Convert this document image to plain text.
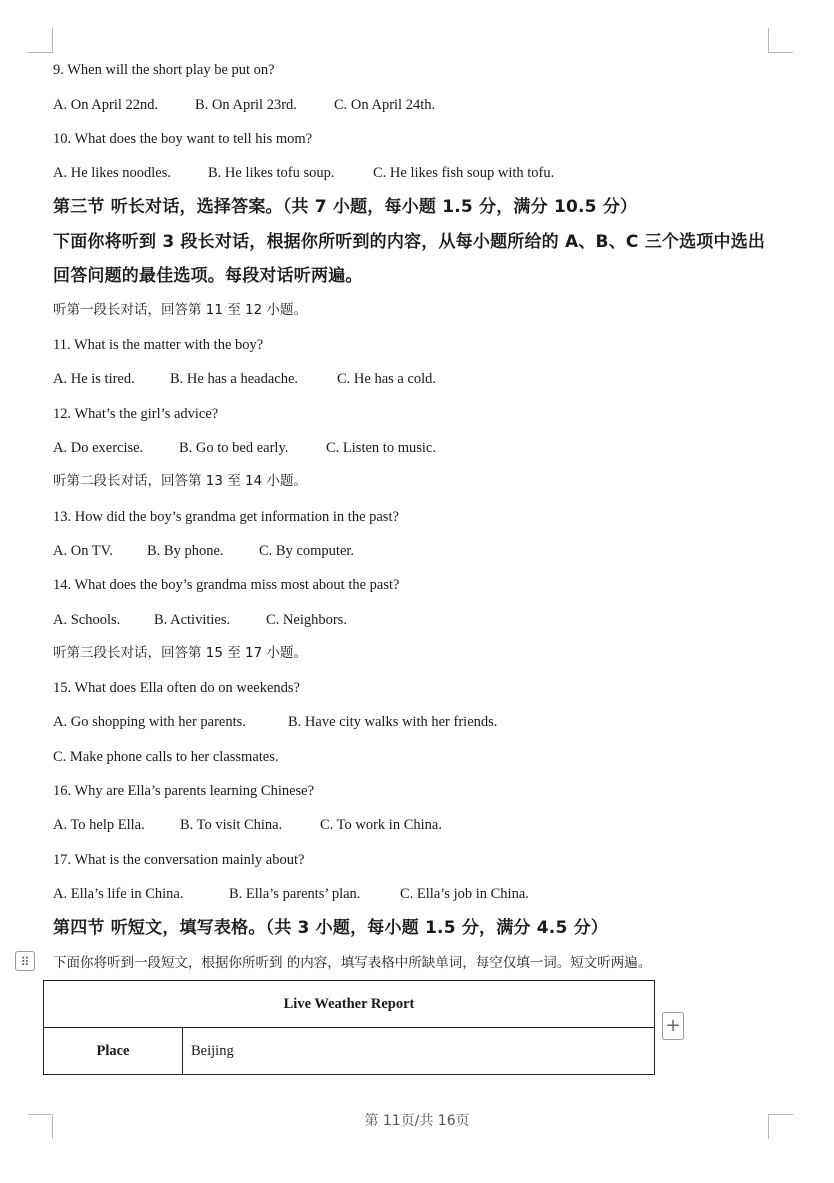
9. When will the short play be put on?
A. On April 22nd.	B. On April 23rd.	C. On April 24th.
10. What does the boy want to tell his mom?
A. He likes noodles.	B. He likes tofu soup.	C. He likes fish soup with tofu.
第三节 听长对话，选择答案。（共 7 小题，每小题 1.5 分，满分 10.5 分）
下面你将听到 3 段长对话，根据你所听到的内容，从每小题所给的 A、B、C 三个选项中选出
回答问题的最佳选项。每段对话听两遍。
听第一段长对话，回答第 11 至 12 小题。
11. What is the matter with the boy?
A. He is tired. B. He has a headache.	C. He has a cold.
12. What’s the girl’s advice?
A. Do exercise. B. Go to bed early.	C. Listen to music.
听第二段长对话，回答第 13 至 14 小题。
13. How did the boy’s grandma get information in the past?
A. On TV. B. By phone. C. By computer.
14. What does the boy’s grandma miss most about the past?
A. Schools. B. Activities. C. Neighbors.
听第三段长对话，回答第 15 至 17 小题。
15. What does Ella often do on weekends?
A. Go shopping with her parents.	B. Have city walks with her friends.
C. Make phone calls to her classmates.
16. Why are Ella’s parents learning Chinese?
A. To help Ella. B. To visit China.	C. To work in China.
17. What is the conversation mainly about?
A. Ella’s life in China.	B. Ella’s parents’ plan.	C. Ella’s job in China.
第四节 听短文，填写表格。（共 3 小题，每小题 1.5 分，满分 4.5 分）
⠿	下面你将听到一段短文，根据你所听到 的内容，填写表格中所缺单词，每空仅填一词。短文听两遍。
Live Weather Report
Place	Beijing
+
第 11页/共 16页
